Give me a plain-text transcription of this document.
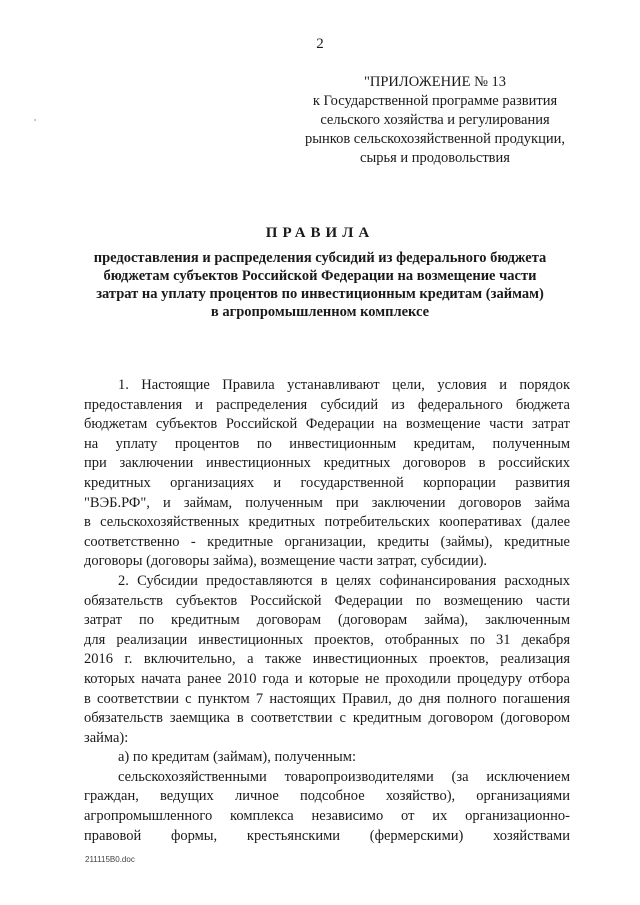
2
"ПРИЛОЖЕНИЕ № 13
к Государственной программе развития
сельского хозяйства и регулирования
рынков сельскохозяйственной продукции,
сырья и продовольствия
ПРАВИЛА
предоставления и распределения субсидий из федерального бюджета
бюджетам субъектов Российской Федерации на возмещение части
затрат на уплату процентов по инвестиционным кредитам (займам)
в агропромышленном комплексе
1. Настоящие Правила устанавливают цели, условия и порядок
предоставления и распределения субсидий из федерального бюджета
бюджетам субъектов Российской Федерации на возмещение части затрат
на уплату процентов по инвестиционным кредитам, полученным
при заключении инвестиционных кредитных договоров в российских
кредитных организациях и государственной корпорации развития
"ВЭБ.РФ", и займам, полученным при заключении договоров займа
в сельскохозяйственных кредитных потребительских кооперативах (далее
соответственно - кредитные организации, кредиты (займы), кредитные
договоры (договоры займа), возмещение части затрат, субсидии).
2. Субсидии предоставляются в целях софинансирования расходных
обязательств субъектов Российской Федерации по возмещению части
затрат по кредитным договорам (договорам займа), заключенным
для реализации инвестиционных проектов, отобранных по 31 декабря
2016 г. включительно, а также инвестиционных проектов, реализация
которых начата ранее 2010 года и которые не проходили процедуру отбора
в соответствии с пунктом 7 настоящих Правил, до дня полного погашения
обязательств заемщика в соответствии с кредитным договором (договором
займа):
а) по кредитам (займам), полученным:
сельскохозяйственными товаропроизводителями (за исключением
граждан, ведущих личное подсобное хозяйство), организациями
агропромышленного комплекса независимо от их организационно-
правовой формы, крестьянскими (фермерскими) хозяйствами
211115B0.doc
